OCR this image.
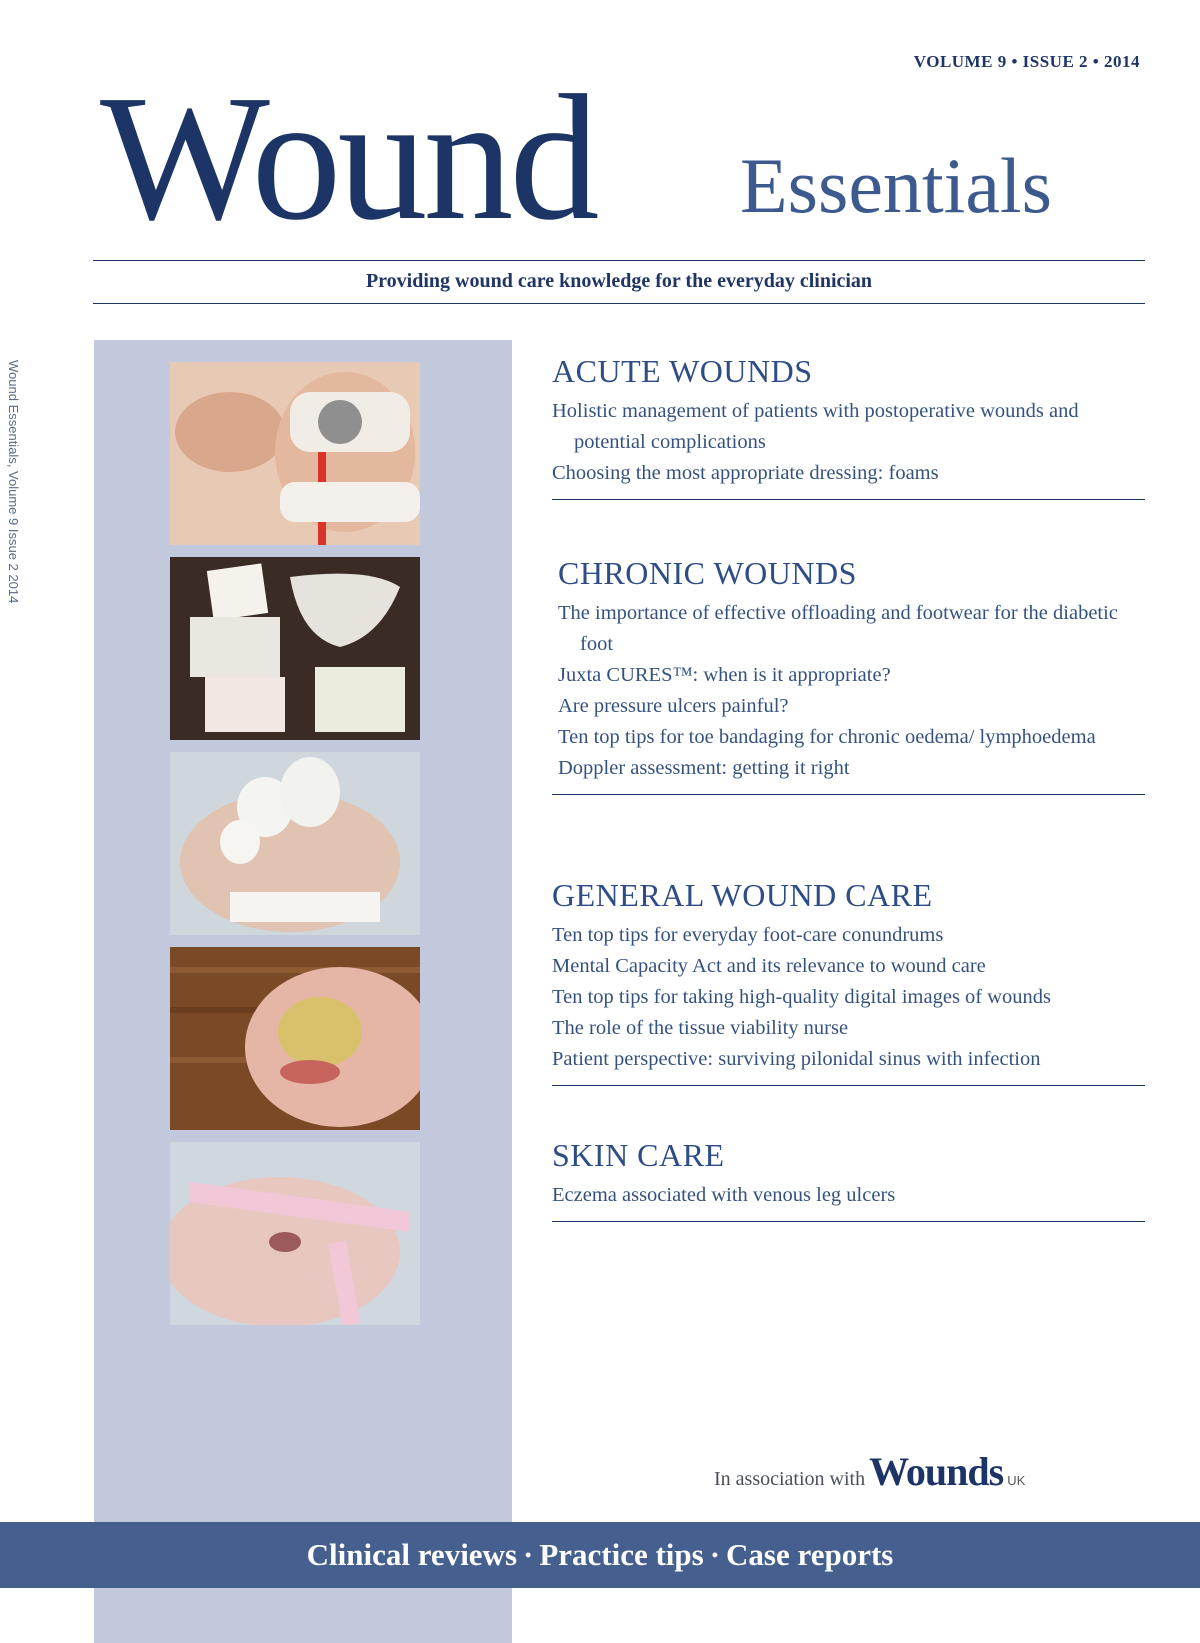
VOLUME 9 • ISSUE 2 • 2014
Wound Essentials
Providing wound care knowledge for the everyday clinician
Wound Essentials, Volume 9 Issue 2 2014	ACUTE WOUNDS
Holistic management of patients with postoperative wounds and potential complications
Choosing the most appropriate dressing: foams
CHRONIC WOUNDS
The importance of effective offloading and footwear for the diabetic foot
Juxta CURES™: when is it appropriate?
Are pressure ulcers painful?
Ten top tips for toe bandaging for chronic oedema/ lymphoedema
Doppler assessment: getting it right
GENERAL WOUND CARE
Ten top tips for everyday foot-care conundrums
Mental Capacity Act and its relevance to wound care
Ten top tips for taking high-quality digital images of wounds
The role of the tissue viability nurse
Patient perspective: surviving pilonidal sinus with infection
SKIN CARE
Eczema associated with venous leg ulcers
In association with Wounds UK
Clinical reviews • Practice tips • Case reports
